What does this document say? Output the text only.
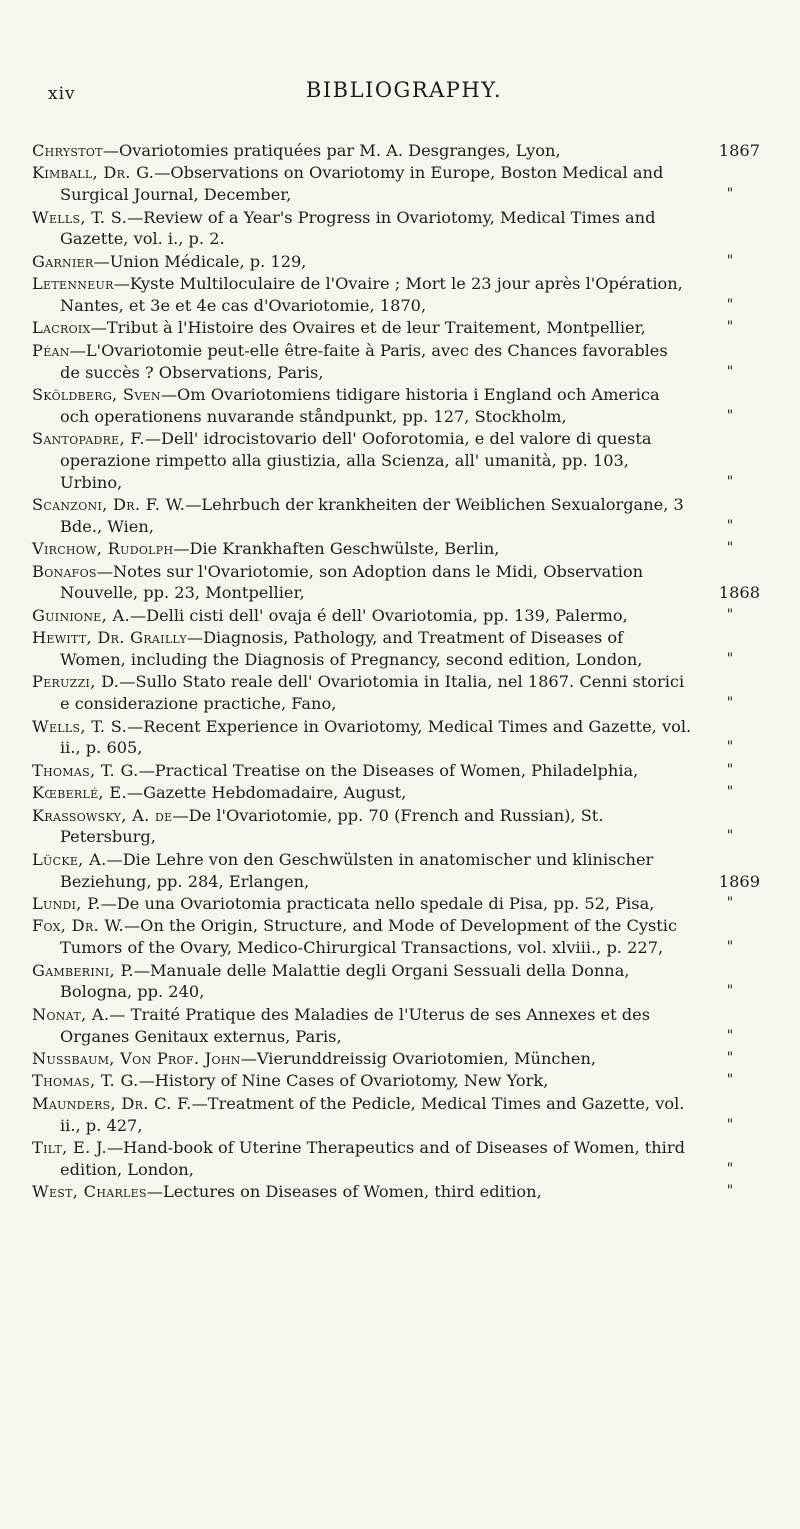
xiv	BIBLIOGRAPHY.

Chrystot—Ovariotomies pratiquées par M. A. Desgranges, Lyon,	1867

Kimball, Dr. G.—Observations on Ovariotomy in Europe, Boston Medical and Surgical Journal, December,	"

Wells, T. S.—Review of a Year's Progress in Ovariotomy, Medical Times and Gazette, vol. i., p. 2.

Garnier—Union Médicale, p. 129,	"

Letenneur—Kyste Multiloculaire de l'Ovaire ; Mort le 23 jour après l'Opération, Nantes, et 3e et 4e cas d'Ovariotomie, 1870,	"

Lacroix—Tribut à l'Histoire des Ovaires et de leur Traitement, Montpellier,	"

Péan—L'Ovariotomie peut-elle être-faite à Paris, avec des Chances favorables de succès ? Observations, Paris,	"

Sköldberg, Sven—Om Ovariotomiens tidigare historia i England och America och operationens nuvarande ståndpunkt, pp. 127, Stockholm,	"

Santopadre, F.—Dell' idrocistovario dell' Ooforotomia, e del valore di questa operazione rimpetto alla giustizia, alla Scienza, all' umanità, pp. 103, Urbino,	"

Scanzoni, Dr. F. W.—Lehrbuch der krankheiten der Weiblichen Sexualorgane, 3 Bde., Wien,	"

Virchow, Rudolph—Die Krankhaften Geschwülste, Berlin,	"

Bonafos—Notes sur l'Ovariotomie, son Adoption dans le Midi, Observation Nouvelle, pp. 23, Montpellier,	1868

Guinione, A.—Delli cisti dell' ovaja é dell' Ovariotomia, pp. 139, Palermo,	"

Hewitt, Dr. Grailly—Diagnosis, Pathology, and Treatment of Diseases of Women, including the Diagnosis of Pregnancy, second edition, London,	"

Peruzzi, D.—Sullo Stato reale dell' Ovariotomia in Italia, nel 1867. Cenni storici e considerazione practiche, Fano,	"

Wells, T. S.—Recent Experience in Ovariotomy, Medical Times and Gazette, vol. ii., p. 605,	"

Thomas, T. G.—Practical Treatise on the Diseases of Women, Philadelphia,	"

Kœberlé, E.—Gazette Hebdomadaire, August,	"

Krassowsky, A. de—De l'Ovariotomie, pp. 70 (French and Russian), St. Petersburg,	"

Lücke, A.—Die Lehre von den Geschwülsten in anatomischer und klinischer Beziehung, pp. 284, Erlangen,	1869

Lundi, P.—De una Ovariotomia practicata nello spedale di Pisa, pp. 52, Pisa,	"

Fox, Dr. W.—On the Origin, Structure, and Mode of Development of the Cystic Tumors of the Ovary, Medico-Chirurgical Transactions, vol. xlviii., p. 227,	"

Gamberini, P.—Manuale delle Malattie degli Organi Sessuali della Donna, Bologna, pp. 240,	"

Nonat, A.— Traité Pratique des Maladies de l'Uterus de ses Annexes et des Organes Genitaux externus, Paris,	"

Nussbaum, Von Prof. John—Vierunddreissig Ovariotomien, München,	"

Thomas, T. G.—History of Nine Cases of Ovariotomy, New York,	"

Maunders, Dr. C. F.—Treatment of the Pedicle, Medical Times and Gazette, vol. ii., p. 427,	"

Tilt, E. J.—Hand-book of Uterine Therapeutics and of Diseases of Women, third edition, London,	"

West, Charles—Lectures on Diseases of Women, third edition,	"
